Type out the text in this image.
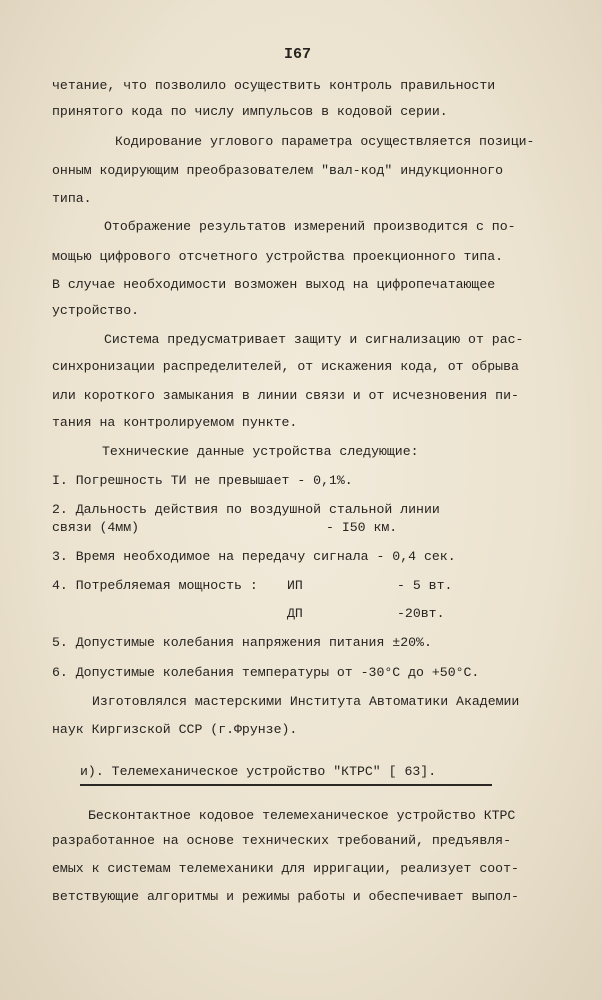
I67
четание, что позволило осуществить контроль правильности
принятого кода по числу импульсов в кодовой серии.
Кодирование углового параметра осуществляется позици-
онным кодирующим преобразователем "вал-код" индукционного
типа.
Отображение результатов измерений производится с по-
мощью цифрового отсчетного устройства проекционного типа.
В случае необходимости возможен выход на цифропечатающее
устройство.
Система предусматривает защиту и сигнализацию от рас-
синхронизации распределителей, от искажения кода, от обрыва
или короткого замыкания в линии связи и от исчезновения пи-
тания на контролируемом пункте.
Технические данные устройства следующие:
I. Погрешность ТИ не превышает - 0,1%.
2. Дальность действия по воздушной стальной линии
связи (4мм)	- I50 км.
3. Время необходимое на передачу сигнала - 0,4 сек.
4. Потребляемая мощность : ИП	- 5 вт.
ДП	-20вт.
5. Допустимые колебания напряжения питания ±20%.
6. Допустимые колебания температуры от -30°С до +50°С.
Изготовлялся мастерскими Института Автоматики Академии
наук Киргизской ССР (г.Фрунзе).
и). Телемеханическое устройство "КТРС" [ 63].
Бесконтактное кодовое телемеханическое устройство КТРС
разработанное на основе технических требований, предъявля-
емых к системам телемеханики для ирригации, реализует соот-
ветствующие алгоритмы и режимы работы и обеспечивает выпол-
